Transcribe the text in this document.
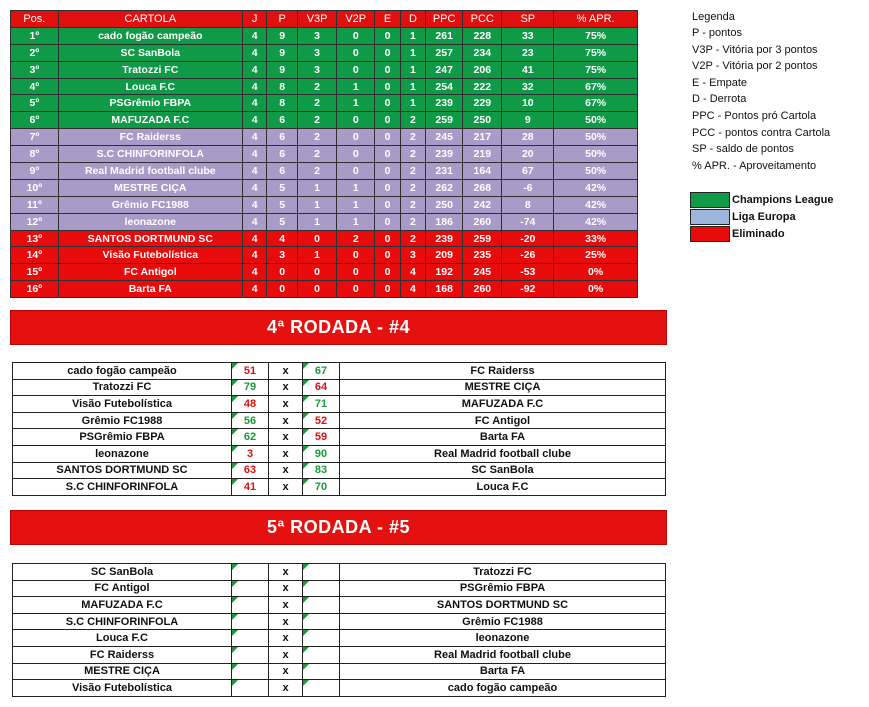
Pos.	CARTOLA	J	P	V3P	V2P	E	D	PPC	PCC	SP	% APR.
1º	cado fogão campeão	4	9	3	0	0	1	261	228	33	75%
2º	SC SanBola	4	9	3	0	0	1	257	234	23	75%
3º	Tratozzi FC	4	9	3	0	0	1	247	206	41	75%
4º	Louca F.C	4	8	2	1	0	1	254	222	32	67%
5º	PSGrêmio FBPA	4	8	2	1	0	1	239	229	10	67%
6º	MAFUZADA F.C	4	6	2	0	0	2	259	250	9	50%
7º	FC Raiderss	4	6	2	0	0	2	245	217	28	50%
8º	S.C CHINFORINFOLA	4	6	2	0	0	2	239	219	20	50%
9º	Real Madrid football clube	4	6	2	0	0	2	231	164	67	50%
10º	MESTRE CIÇA	4	5	1	1	0	2	262	268	-6	42%
11º	Grêmio FC1988	4	5	1	1	0	2	250	242	8	42%
12º	leonazone	4	5	1	1	0	2	186	260	-74	42%
13º	SANTOS DORTMUND SC	4	4	0	2	0	2	239	259	-20	33%
14º	Visão Futebolística	4	3	1	0	0	3	209	235	-26	25%
15º	FC Antigol	4	0	0	0	0	4	192	245	-53	0%
16º	Barta FA	4	0	0	0	0	4	168	260	-92	0%
Legenda
P - pontos
V3P - Vitória por 3 pontos
V2P - Vitória por 2 pontos
E - Empate
D - Derrota
PPC - Pontos pró Cartola
PCC - pontos contra Cartola
SP - saldo de pontos
% APR. - Aproveitamento
Champions League
Liga Europa
Eliminado
4ª RODADA - #4
cado fogão campeão	51	x	67	FC Raiderss
Tratozzi FC	79	x	64	MESTRE CIÇA
Visão Futebolística	48	x	71	MAFUZADA F.C
Grêmio FC1988	56	x	52	FC Antigol
PSGrêmio FBPA	62	x	59	Barta FA
leonazone	3	x	90	Real Madrid football clube
SANTOS DORTMUND SC	63	x	83	SC SanBola
S.C CHINFORINFOLA	41	x	70	Louca F.C
5ª RODADA - #5
SC SanBola		x		Tratozzi FC
FC Antigol		x		PSGrêmio FBPA
MAFUZADA F.C		x		SANTOS DORTMUND SC
S.C CHINFORINFOLA		x		Grêmio FC1988
Louca F.C		x		leonazone
FC Raiderss		x		Real Madrid football clube
MESTRE CIÇA		x		Barta FA
Visão Futebolística		x		cado fogão campeão
